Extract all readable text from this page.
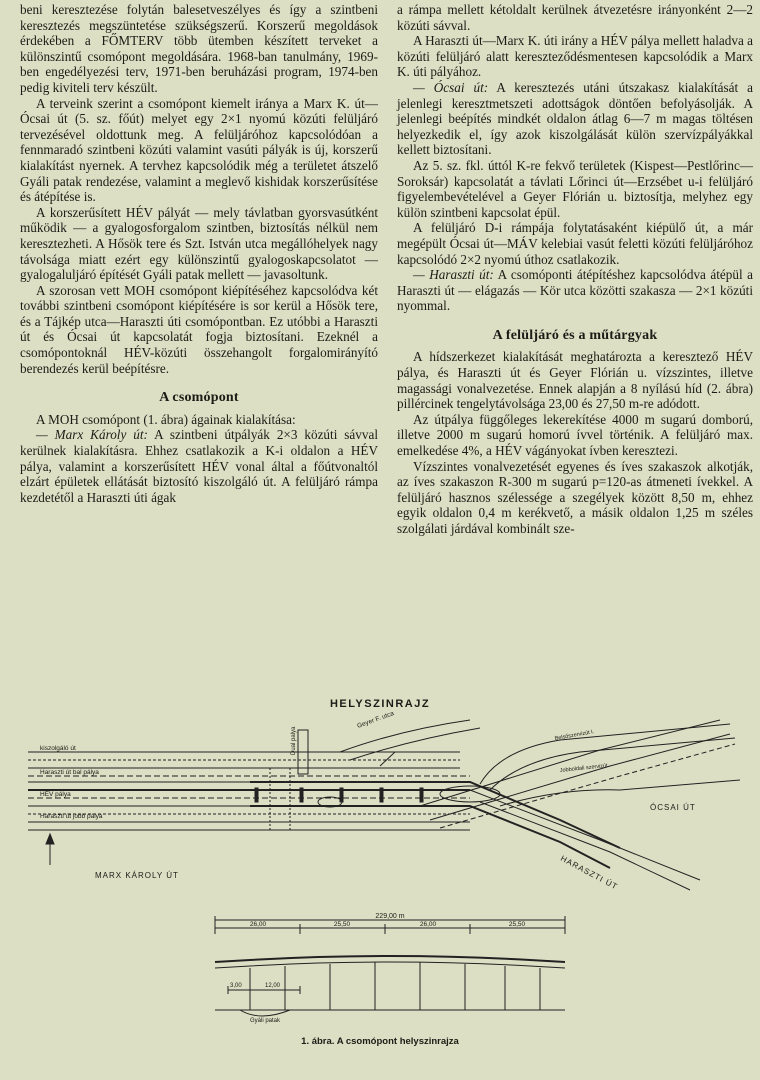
beni keresztezése folytán balesetveszélyes és így a szintbeni keresztezés megszüntetése szükségszerű. Korszerű megoldások érdekében a FŐMTERV több ütemben készített terveket a különszintű csomópont megoldására. 1968-ban tanulmány, 1969-ben engedélyezési terv, 1971-ben beruházási program, 1974-ben pedig kiviteli terv készült.

A terveink szerint a csomópont kiemelt iránya a Marx K. út—Ócsai út (5. sz. főút) melyet egy 2×1 nyomú közúti felüljáró tervezésével oldottunk meg. A felüljáróhoz kapcsolódóan a fennmaradó szintbeni közúti valamint vasúti pályák is új, korszerű kialakítást nyernek. A tervhez kapcsolódik még a területet átszelő Gyáli patak rendezése, valamint a meglevő kishidak korszerűsítése és átépítése is.

A korszerűsített HÉV pályát — mely távlatban gyorsvasútként működik — a gyalogosforgalom szintben, biztosítás nélkül nem keresztezheti. A Hősök tere és Szt. István utca megállóhelyek nagy távolsága miatt ezért egy különszintű gyalogoskapcsolatot — gyalogaluljáró építését Gyáli patak mellett — javasoltunk.

A szorosan vett MOH csomópont kiépítéséhez kapcsolódva két további szintbeni csomópont kiépítésére is sor kerül a Hősök tere, és a Tájkép utca—Haraszti úti csomópontban. Ez utóbbi a Haraszti út és Ócsai út kapcsolatát fogja biztosítani. Ezeknél a csomópontoknál HÉV-közúti összehangolt forgalomirányító berendezés kerül beépítésre.

A csomópont

A MOH csomópont (1. ábra) ágainak kialakítása:

— Marx Károly út: A szintbeni útpályák 2×3 közúti sávval kerülnek kialakításra. Ehhez csatlakozik a K-i oldalon a HÉV pálya, valamint a korszerűsített HÉV vonal által a főútvonaltól elzárt épületek ellátását biztosító kiszolgáló út. A felüljáró rámpa kezdetétől a Haraszti úti ágak

a rámpa mellett kétoldalt kerülnek átvezetésre irányonként 2—2 közúti sávval.

A Haraszti út—Marx K. úti irány a HÉV pálya mellett haladva a közúti felüljáró alatt kereszteződésmentesen kapcsolódik a Marx K. úti pályához.

— Ócsai út: A keresztezés utáni útszakasz kialakítását a jelenlegi keresztmetszeti adottságok döntően befolyásolják. A jelenlegi beépítés mindkét oldalon átlag 6—7 m magas töltésen helyezkedik el, így azok kiszolgálását külön szervízpályákkal kellett biztosítani.

Az 5. sz. fkl. úttól K-re fekvő területek (Kispest—Pestlőrinc—Soroksár) kapcsolatát a távlati Lőrinci út—Erzsébet u-i felüljáró figyelembevételével a Geyer Flórián u. biztosítja, melyhez egy külön szintbeni kapcsolat épül.

A felüljáró D-i rámpája folytatásaként kiépülő út, a már megépült Ócsai út—MÁV kelebiai vasút feletti közúti felüljáróhoz kapcsolódó 2×2 nyomú úthoz csatlakozik.

— Haraszti út: A csomóponti átépítéshez kapcsolódva átépül a Haraszti út — elágazás — Kör utca közötti szakasza — 2×1 közúti nyommal.

A felüljáró és a műtárgyak

A hídszerkezet kialakítását meghatározta a keresztező HÉV pálya, és Haraszti út és Geyer Flórián u. vízszintes, illetve magassági vonalvezetése. Ennek alapján a 8 nyílású híd (2. ábra) pillércinek tengelytávolsága 23,00 és 27,50 m-re adódott.

Az útpálya függőleges lekerekítése 4000 m sugarú domború, illetve 2000 m sugarú homorú ívvel történik. A felüljáró max. emelkedése 4%, a HÉV vágányokat ívben keresztezi.

Vízszintes vonalvezetését egyenes és íves szakaszok alkotják, az íves szakaszon R-300 m sugarú p=120-as átmeneti ívekkel. A felüljáró hasznos szélessége a szegélyek között 8,50 m, ehhez egyik oldalon 0,4 m kerékvető, a másik oldalon 1,25 m széles szolgálati járdával kombinált sze-

HELYSZINRAJZ
kiszolgáló út
Haraszti út bal pálya
HÉV pálya
Haraszti út jobb pálya
MARX KÁROLY ÚT
Dual palya
Geyer F. utca
Belsőszervizút I.
Jobboldali szervizút
ÓCSAI ÚT
HARASZTI ÚT
229,00 m
26,00	25,50	26,00	25,50
3,00	12,00
Gyáli patak
1. ábra. A csomópont helyszinrajza
